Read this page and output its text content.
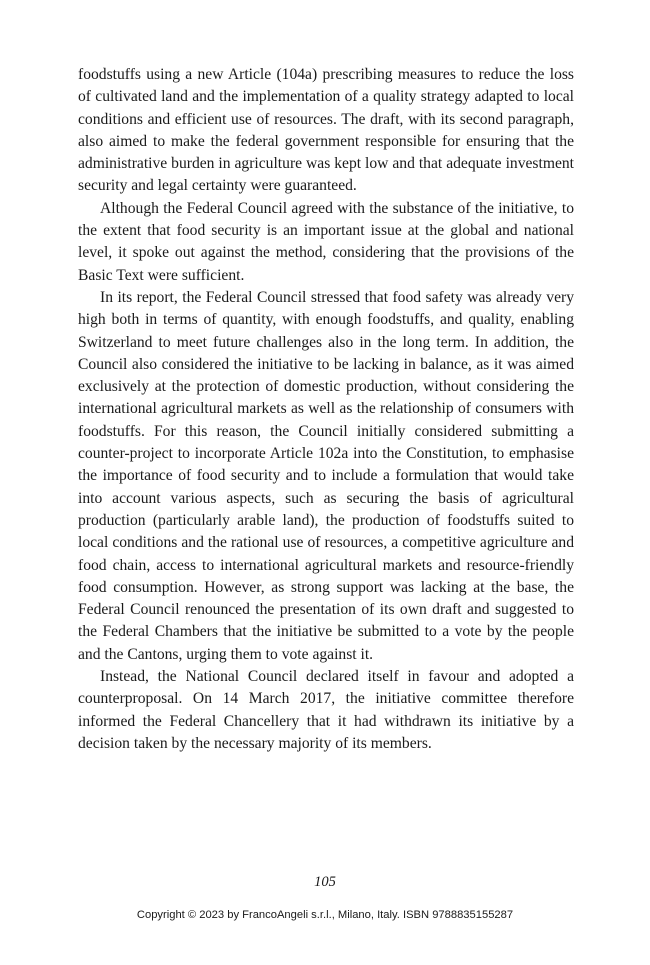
foodstuffs using a new Article (104a) prescribing measures to reduce the loss of cultivated land and the implementation of a quality strategy adapted to local conditions and efficient use of resources. The draft, with its second paragraph, also aimed to make the federal government responsible for ensuring that the administrative burden in agriculture was kept low and that adequate investment security and legal certainty were guaranteed.

Although the Federal Council agreed with the substance of the initiative, to the extent that food security is an important issue at the global and national level, it spoke out against the method, considering that the provisions of the Basic Text were sufficient.

In its report, the Federal Council stressed that food safety was already very high both in terms of quantity, with enough foodstuffs, and quality, enabling Switzerland to meet future challenges also in the long term. In addition, the Council also considered the initiative to be lacking in balance, as it was aimed exclusively at the protection of domestic production, without considering the international agricultural markets as well as the relationship of consumers with foodstuffs. For this reason, the Council initially considered submitting a counter-project to incorporate Article 102a into the Constitution, to emphasise the importance of food security and to include a formulation that would take into account various aspects, such as securing the basis of agricultural production (particularly arable land), the production of foodstuffs suited to local conditions and the rational use of resources, a competitive agriculture and food chain, access to international agricultural markets and resource-friendly food consumption. However, as strong support was lacking at the base, the Federal Council renounced the presentation of its own draft and suggested to the Federal Chambers that the initiative be submitted to a vote by the people and the Cantons, urging them to vote against it.

Instead, the National Council declared itself in favour and adopted a counterproposal. On 14 March 2017, the initiative committee therefore informed the Federal Chancellery that it had withdrawn its initiative by a decision taken by the necessary majority of its members.

105
Copyright © 2023 by FrancoAngeli s.r.l., Milano, Italy. ISBN 9788835155287
